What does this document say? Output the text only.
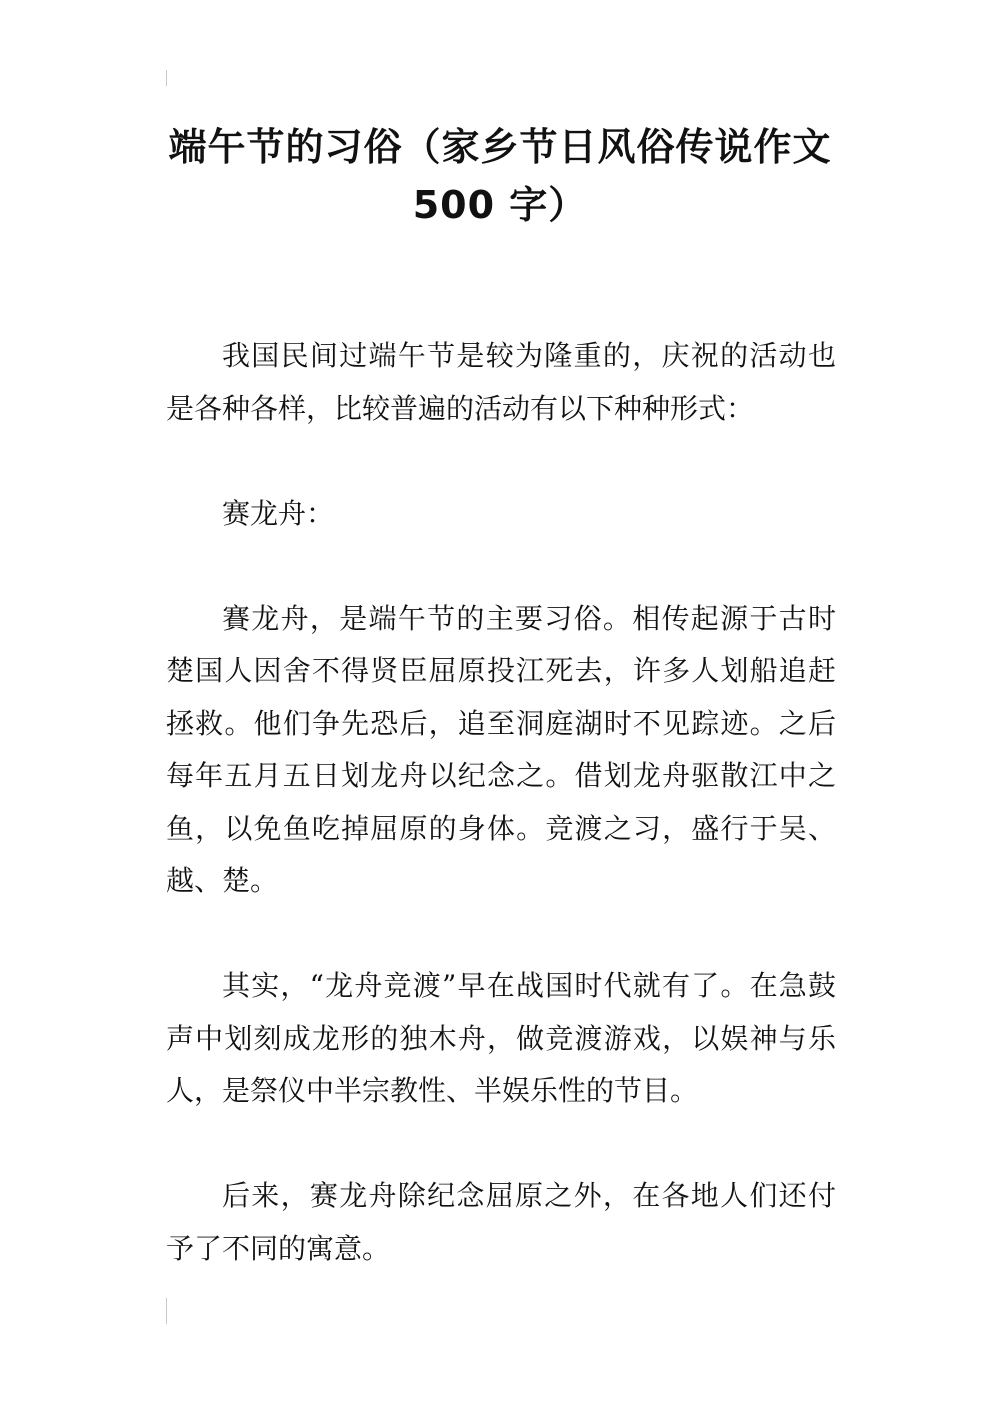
端午节的习俗（家乡节日风俗传说作文
500 字）

我国民间过端午节是较为隆重的，庆祝的活动也是各种各样，比较普遍的活动有以下种种形式：

赛龙舟：

賽龙舟，是端午节的主要习俗。相传起源于古时楚国人因舍不得贤臣屈原投江死去，许多人划船追赶拯救。他们争先恐后，追至洞庭湖时不见踪迹。之后每年五月五日划龙舟以纪念之。借划龙舟驱散江中之鱼，以免鱼吃掉屈原的身体。竞渡之习，盛行于吴、越、楚。

其实，“龙舟竞渡”早在战国时代就有了。在急鼓声中划刻成龙形的独木舟，做竞渡游戏，以娱神与乐人，是祭仪中半宗教性、半娱乐性的节目。

后来，赛龙舟除纪念屈原之外，在各地人们还付予了不同的寓意。
